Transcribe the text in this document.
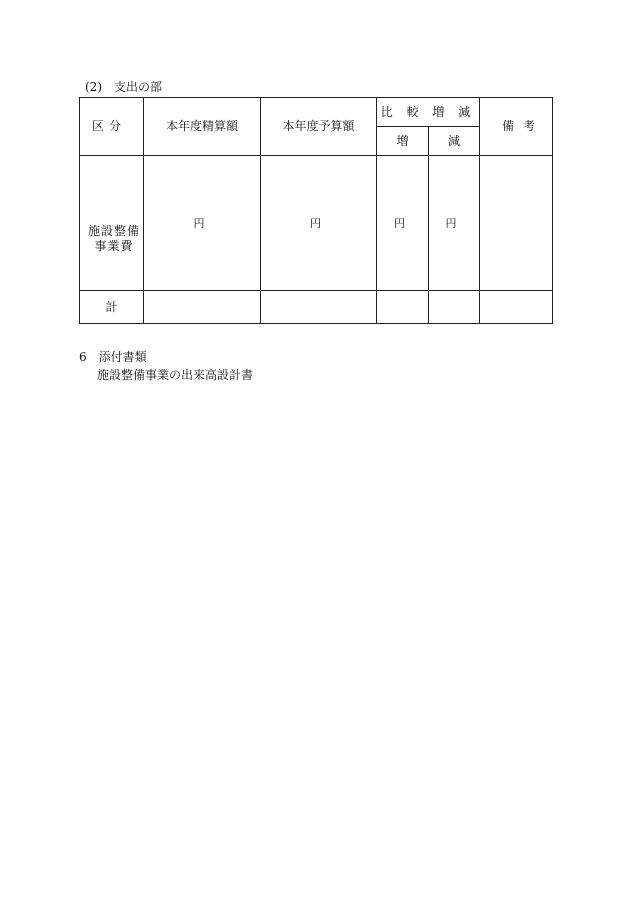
(2) 支出の部
区 分	本年度精算額	本年度予算額	比 較 増 減		備 考

			増	減	

施設整備
事業費	円	円	円	円	
計					
6 添付書類
施設整備事業の出来高設計書
